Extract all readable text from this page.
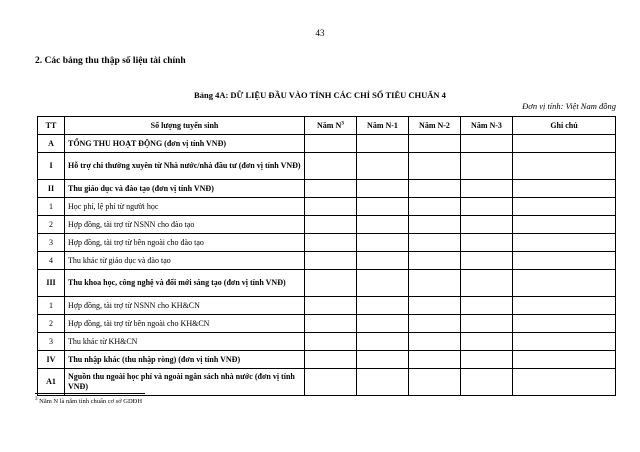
43
2. Các bảng thu thập số liệu tài chính
Bảng 4A: DỮ LIỆU ĐẦU VÀO TÍNH CÁC CHỈ SỐ TIÊU CHUẨN 4
Đơn vị tính: Việt Nam đồng
TT	Số lượng tuyển sinh	Năm $N^3$	Năm N-1	Năm N-2	Năm N-3	Ghi chú
A	TỔNG THU HOẠT ĐỘNG (đơn vị tính VNĐ)					
I	Hỗ trợ chi thường xuyên từ Nhà nước/nhà đầu tư (đơn vị tính VNĐ)					
II	Thu giáo dục và đào tạo (đơn vị tính VNĐ)					
1	Học phí, lệ phí từ người học					
2	Hợp đồng, tài trợ từ NSNN cho đào tạo					
3	Hợp đồng, tài trợ từ bên ngoài cho đào tạo					
4	Thu khác từ giáo dục và đào tạo					
III	Thu khoa học, công nghệ và đổi mới sáng tạo (đơn vị tính VNĐ)					
1	Hợp đồng, tài trợ từ NSNN cho KH&CN					
2	Hợp đồng, tài trợ từ bên ngoài cho KH&CN					
3	Thu khác từ KH&CN					
IV	Thu nhập khác (thu nhập ròng) (đơn vị tính VNĐ)					
A1	Nguồn thu ngoài học phí và ngoài ngân sách nhà nước (đơn vị tính VNĐ)					
$^3$ Năm N là năm tính chuẩn cơ sở GDĐH
